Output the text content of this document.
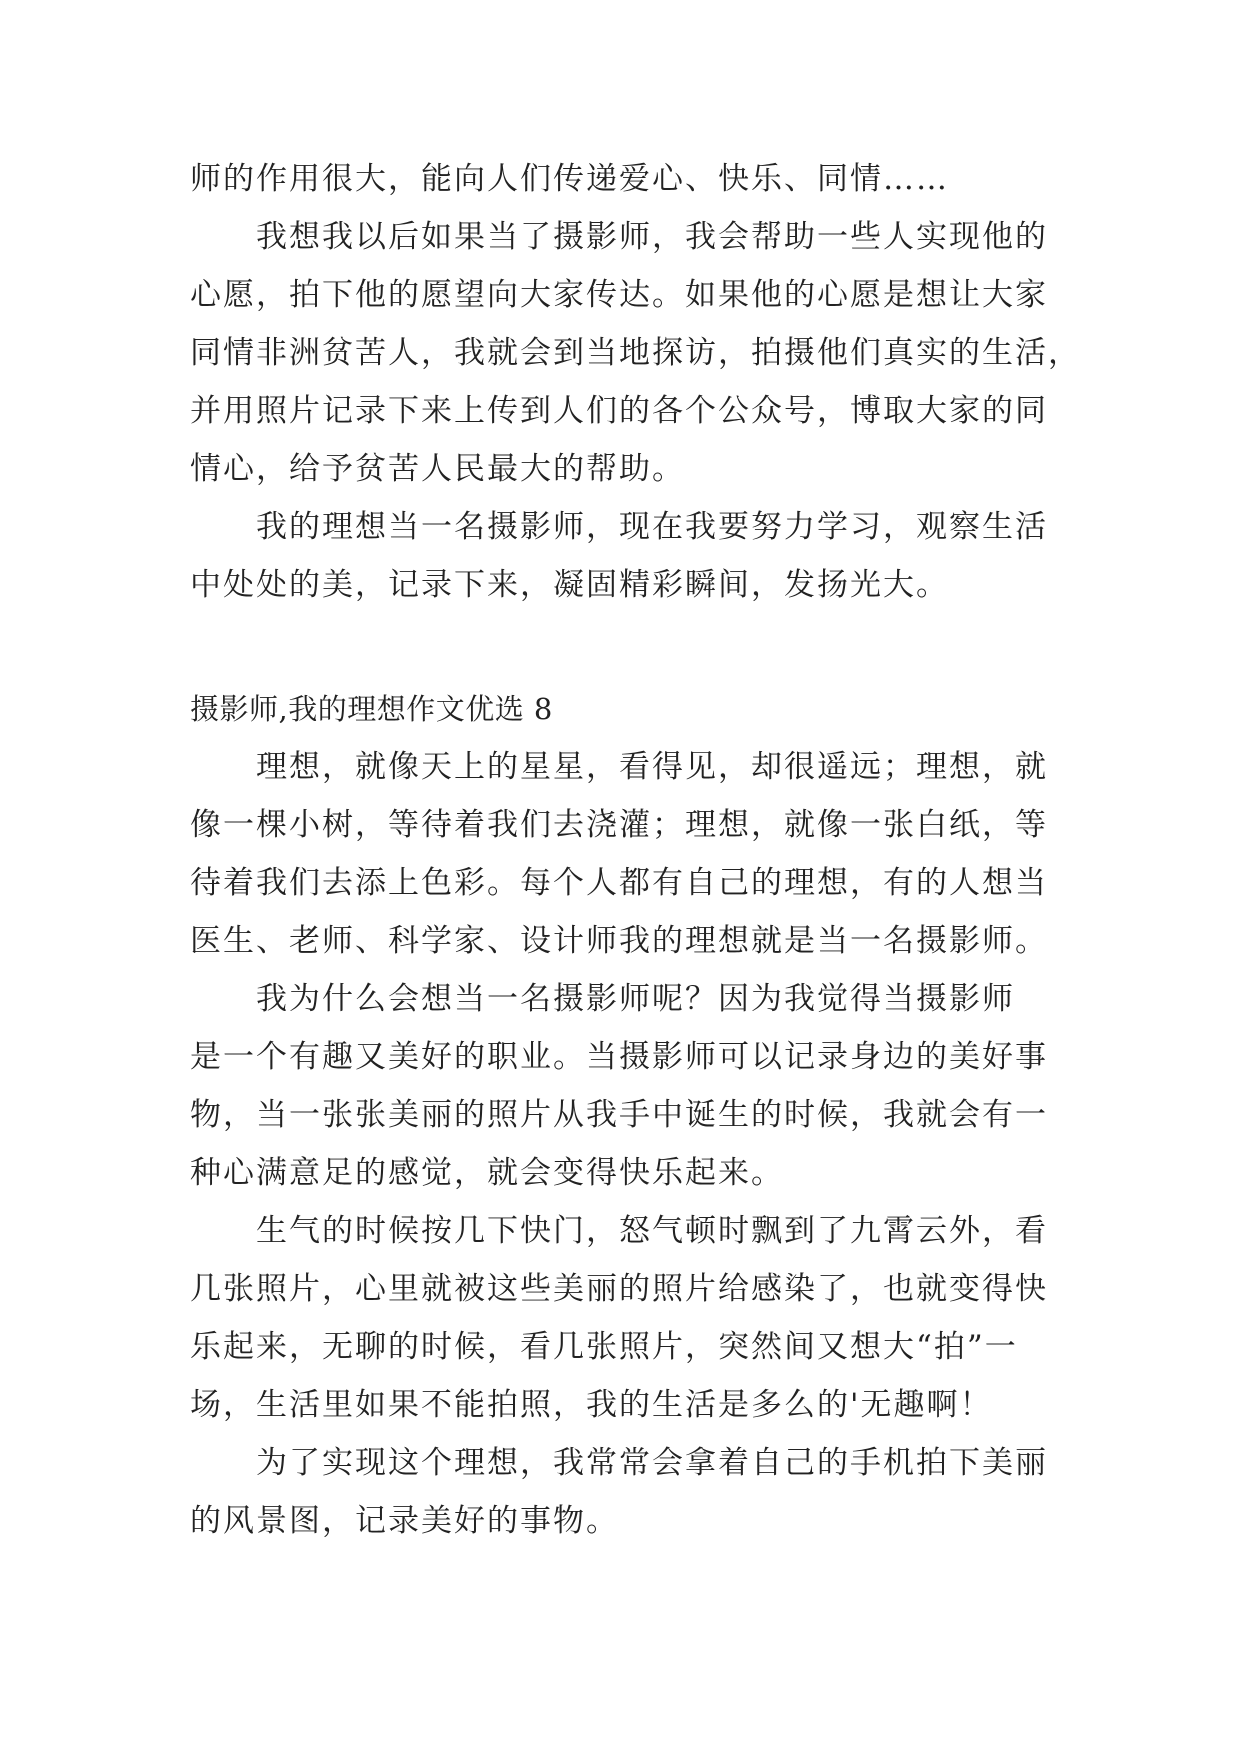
师的作用很大，能向人们传递爱心、快乐、同情……
我想我以后如果当了摄影师，我会帮助一些人实现他的
心愿，拍下他的愿望向大家传达。如果他的心愿是想让大家
同情非洲贫苦人，我就会到当地探访，拍摄他们真实的生活，
并用照片记录下来上传到人们的各个公众号，博取大家的同
情心，给予贫苦人民最大的帮助。
我的理想当一名摄影师，现在我要努力学习，观察生活
中处处的美，记录下来，凝固精彩瞬间，发扬光大。
摄影师,我的理想作文优选 8
理想，就像天上的星星，看得见，却很遥远；理想，就
像一棵小树，等待着我们去浇灌；理想，就像一张白纸，等
待着我们去添上色彩。每个人都有自己的理想，有的人想当
医生、老师、科学家、设计师我的理想就是当一名摄影师。
我为什么会想当一名摄影师呢？因为我觉得当摄影师
是一个有趣又美好的职业。当摄影师可以记录身边的美好事
物，当一张张美丽的照片从我手中诞生的时候，我就会有一
种心满意足的感觉，就会变得快乐起来。
生气的时候按几下快门，怒气顿时飘到了九霄云外，看
几张照片，心里就被这些美丽的照片给感染了，也就变得快
乐起来，无聊的时候，看几张照片，突然间又想大“拍”一
场，生活里如果不能拍照，我的生活是多么的'无趣啊！
为了实现这个理想，我常常会拿着自己的手机拍下美丽
的风景图，记录美好的事物。
